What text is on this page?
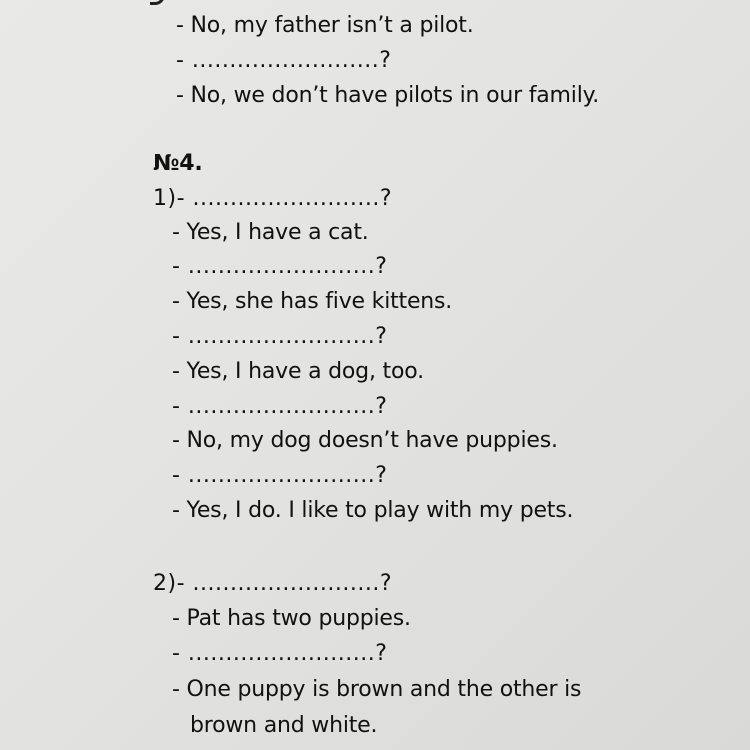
- No, my father isn’t a pilot.
- .........................?
- No, we don’t have pilots in our family.
№4.
1)- .........................?
- Yes, I have a cat.
- .........................?
- Yes, she has five kittens.
- .........................?
- Yes, I have a dog, too.
- .........................?
- No, my dog doesn’t have puppies.
- .........................?
- Yes, I do. I like to play with my pets.
2)- .........................?
- Pat has two puppies.
- .........................?
- One puppy is brown and the other is
brown and white.
